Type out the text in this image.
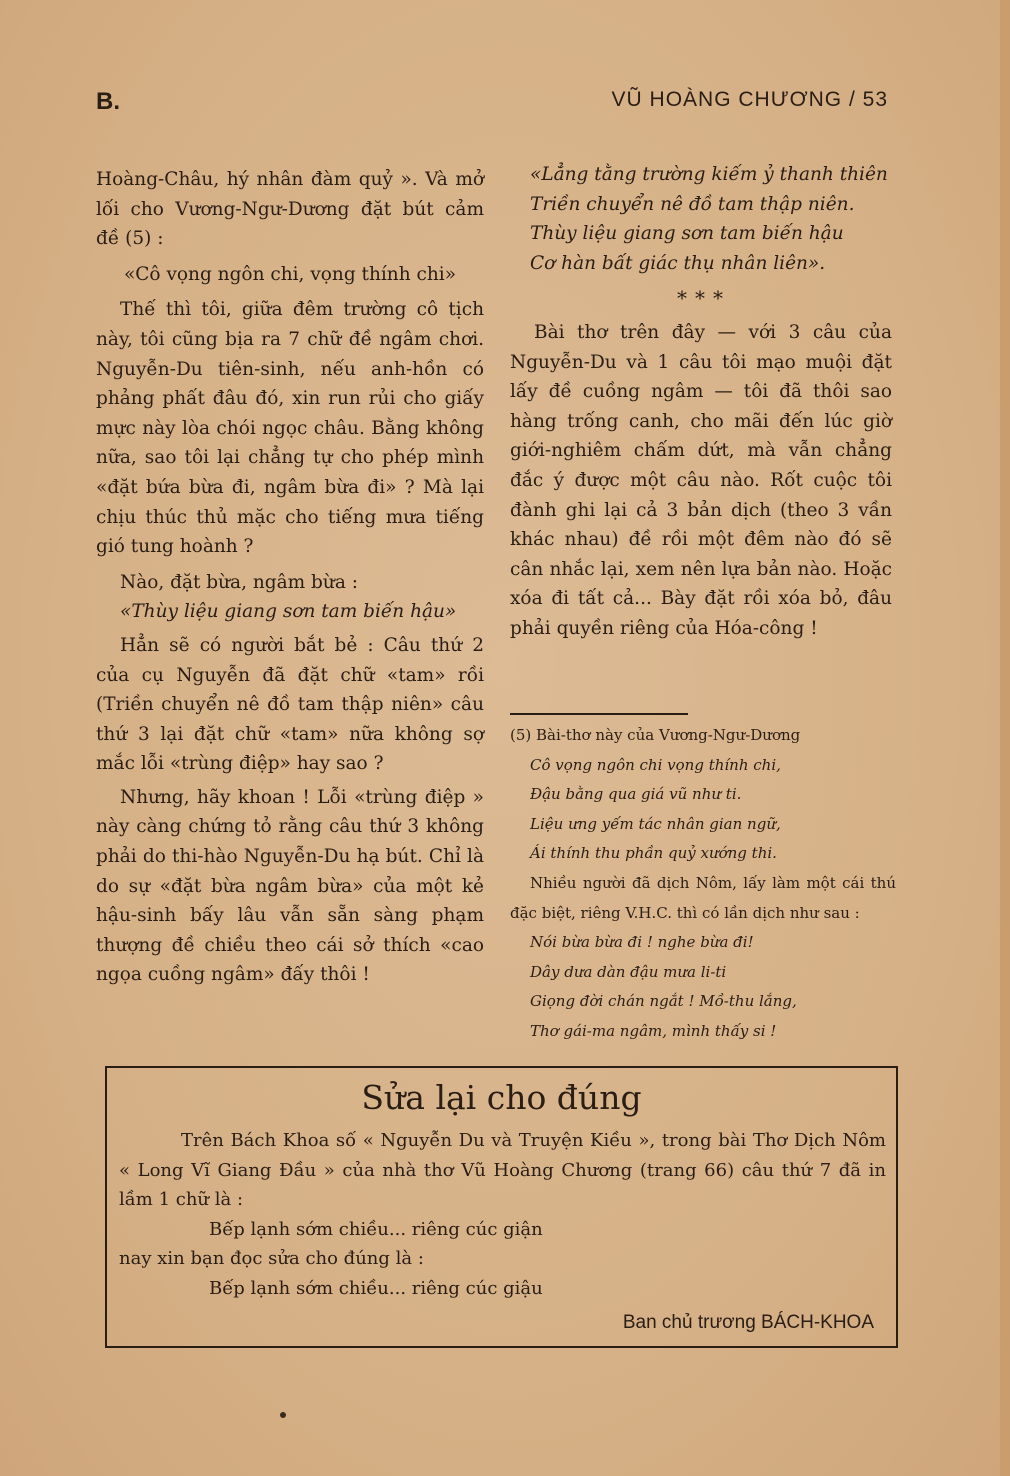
B.	VŨ HOÀNG CHƯƠNG / 53

Hoàng-Châu, hý nhân đàm quỷ ». Và mở lối cho Vương-Ngư-Dương đặt bút cảm đề (5) :

«Cô vọng ngôn chi, vọng thính chi»

Thế thì tôi, giữa đêm trường cô tịch này, tôi cũng bịa ra 7 chữ đề ngâm chơi. Nguyễn-Du tiên-sinh, nếu anh-hồn có phảng phất đâu đó, xin run rủi cho giấy mực này lòa chói ngọc châu. Bằng không nữa, sao tôi lại chẳng tự cho phép mình «đặt bứa bừa đi, ngâm bừa đi» ? Mà lại chịu thúc thủ mặc cho tiếng mưa tiếng gió tung hoành ?

Nào, đặt bừa, ngâm bừa :

«Thùy liệu giang sơn tam biến hậu»

Hẳn sẽ có người bắt bẻ : Câu thứ 2 của cụ Nguyễn đã đặt chữ «tam» rồi (Triền chuyển nê đồ tam thập niên» câu thứ 3 lại đặt chữ «tam» nữa không sợ mắc lỗi «trùng điệp» hay sao ?

Nhưng, hãy khoan ! Lỗi «trùng điệp » này càng chứng tỏ rằng câu thứ 3 không phải do thi-hào Nguyễn-Du hạ bút. Chỉ là do sự «đặt bừa ngâm bừa» của một kẻ hậu-sinh bấy lâu vẫn sẵn sàng phạm thượng đề chiều theo cái sở thích «cao ngọa cuồng ngâm» đấy thôi !

«Lẳng tằng trường kiếm ỷ thanh thiên

Triền chuyển nê đồ tam thập niên.

Thùy liệu giang sơn tam biến hậu

Cơ hàn bất giác thụ nhân liên».

* * *

Bài thơ trên đây — với 3 câu của Nguyễn-Du và 1 câu tôi mạo muội đặt lấy đề cuồng ngâm — tôi đã thôi sao hàng trống canh, cho mãi đến lúc giờ giới-nghiêm chấm dứt, mà vẫn chẳng đắc ý được một câu nào. Rốt cuộc tôi đành ghi lại cả 3 bản dịch (theo 3 vần khác nhau) đề rồi một đêm nào đó sẽ cân nhắc lại, xem nên lựa bản nào. Hoặc xóa đi tất cả... Bày đặt rồi xóa bỏ, đâu phải quyền riêng của Hóa-công !

(5) Bài-thơ này của Vương-Ngư-Dương

Cô vọng ngôn chi vọng thính chi,

Đậu bằng qua giá vũ như ti.

Liệu ưng yếm tác nhân gian ngữ,

Ái thính thu phần quỷ xướng thi.

Nhiều người đã dịch Nôm, lấy làm một cái thú đặc biệt, riêng V.H.C. thì có lần dịch như sau :

Nói bừa bừa đi ! nghe bừa đi!

Dây dưa dàn đậu mưa li-ti

Giọng đời chán ngắt ! Mồ-thu lắng,

Thơ gái-ma ngâm, mình thấy si !

Sửa lại cho đúng

Trên Bách Khoa số « Nguyễn Du và Truyện Kiều », trong bài Thơ Dịch Nôm « Long Vĩ Giang Đầu » của nhà thơ Vũ Hoàng Chương (trang 66) câu thứ 7 đã in lầm 1 chữ là :

Bếp lạnh sớm chiều... riêng cúc giận

nay xin bạn đọc sửa cho đúng là :

Bếp lạnh sớm chiều... riêng cúc giậu

Ban chủ trương BÁCH-KHOA
